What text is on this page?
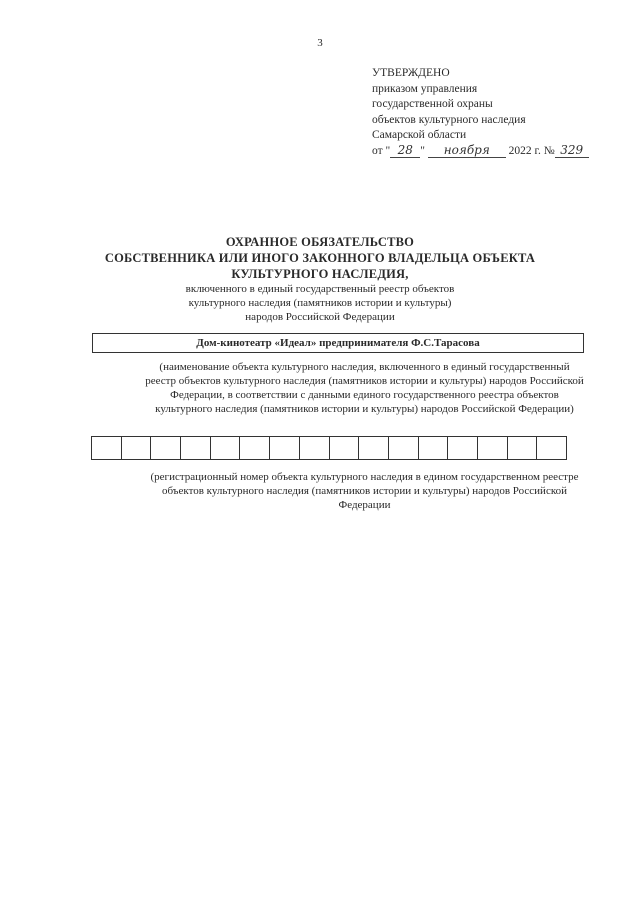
3
УТВЕРЖДЕНО
приказом управления
государственной охраны
объектов культурного наследия
Самарской области
от " 28 " ноября 2022 г. № 329
ОХРАННОЕ ОБЯЗАТЕЛЬСТВО
СОБСТВЕННИКА ИЛИ ИНОГО ЗАКОННОГО ВЛАДЕЛЬЦА ОБЪЕКТА
КУЛЬТУРНОГО НАСЛЕДИЯ,
включенного в единый государственный реестр объектов
культурного наследия (памятников истории и культуры)
народов Российской Федерации
Дом-кинотеатр «Идеал» предпринимателя Ф.С.Тарасова
(наименование объекта культурного наследия, включенного в единый государственный
реестр объектов культурного наследия (памятников истории и культуры) народов Российской
Федерации, в соответствии с данными единого государственного реестра объектов
культурного наследия (памятников истории и культуры) народов Российской Федерации)
(регистрационный номер объекта культурного наследия в едином государственном реестре
объектов культурного наследия (памятников истории и культуры) народов Российской
Федерации
